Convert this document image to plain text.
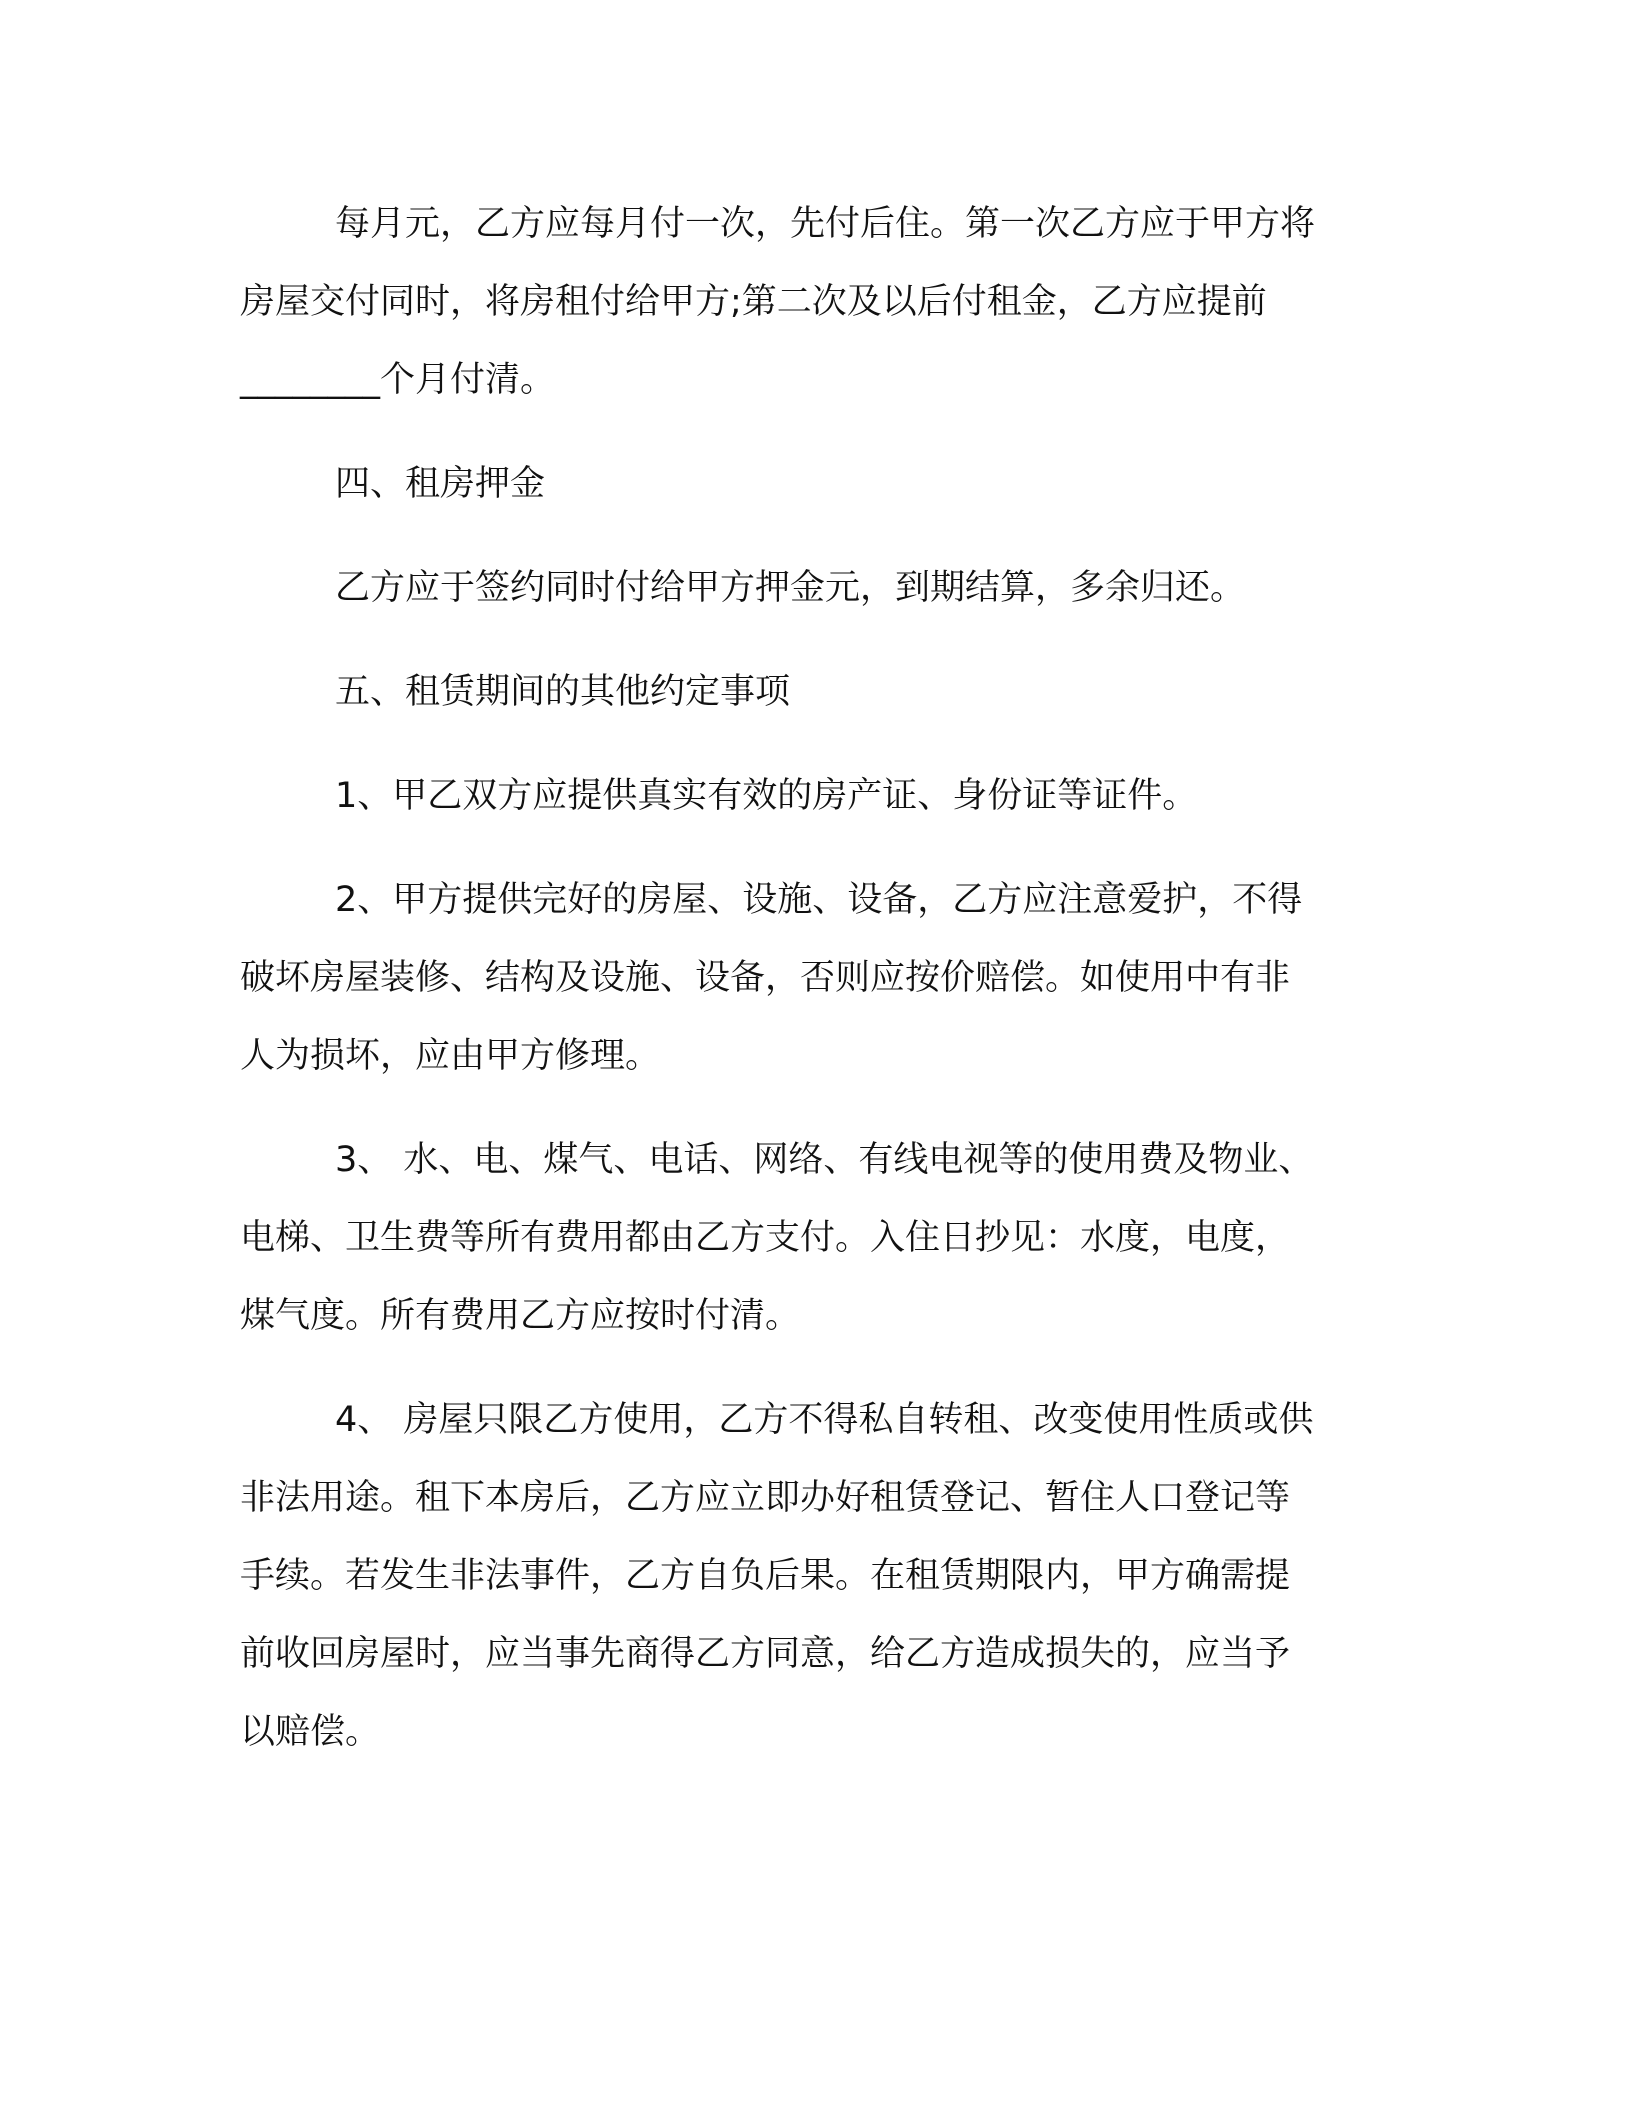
每月元，乙方应每月付一次，先付后住。第一次乙方应于甲方将
房屋交付同时，将房租付给甲方;第二次及以后付租金，乙方应提前
________个月付清。

四、租房押金

乙方应于签约同时付给甲方押金元，到期结算，多余归还。

五、租赁期间的其他约定事项

1、甲乙双方应提供真实有效的房产证、身份证等证件。

2、甲方提供完好的房屋、设施、设备，乙方应注意爱护，不得
破坏房屋装修、结构及设施、设备，否则应按价赔偿。如使用中有非
人为损坏，应由甲方修理。

3、 水、电、煤气、电话、网络、有线电视等的使用费及物业、
电梯、卫生费等所有费用都由乙方支付。入住日抄见：水度，电度，
煤气度。所有费用乙方应按时付清。

4、 房屋只限乙方使用，乙方不得私自转租、改变使用性质或供
非法用途。租下本房后，乙方应立即办好租赁登记、暂住人口登记等
手续。若发生非法事件，乙方自负后果。在租赁期限内，甲方确需提
前收回房屋时，应当事先商得乙方同意，给乙方造成损失的，应当予
以赔偿。
